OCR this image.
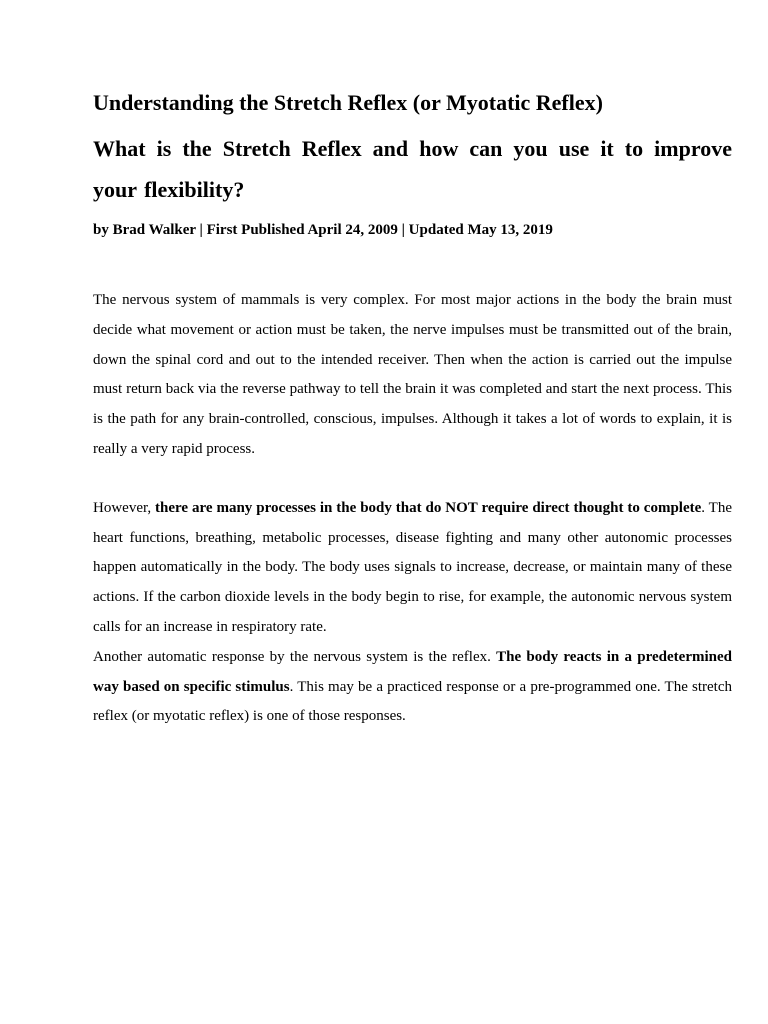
Understanding the Stretch Reflex (or Myotatic Reflex)
What is the Stretch Reflex and how can you use it to improve your flexibility?

by Brad Walker | First Published April 24, 2009 | Updated May 13, 2019

The nervous system of mammals is very complex. For most major actions in the body the brain must decide what movement or action must be taken, the nerve impulses must be transmitted out of the brain, down the spinal cord and out to the intended receiver. Then when the action is carried out the impulse must return back via the reverse pathway to tell the brain it was completed and start the next process. This is the path for any brain-controlled, conscious, impulses. Although it takes a lot of words to explain, it is really a very rapid process.

However, there are many processes in the body that do NOT require direct thought to complete. The heart functions, breathing, metabolic processes, disease fighting and many other autonomic processes happen automatically in the body. The body uses signals to increase, decrease, or maintain many of these actions. If the carbon dioxide levels in the body begin to rise, for example, the autonomic nervous system calls for an increase in respiratory rate.

Another automatic response by the nervous system is the reflex. The body reacts in a predetermined way based on specific stimulus. This may be a practiced response or a pre-programmed one. The stretch reflex (or myotatic reflex) is one of those responses.
